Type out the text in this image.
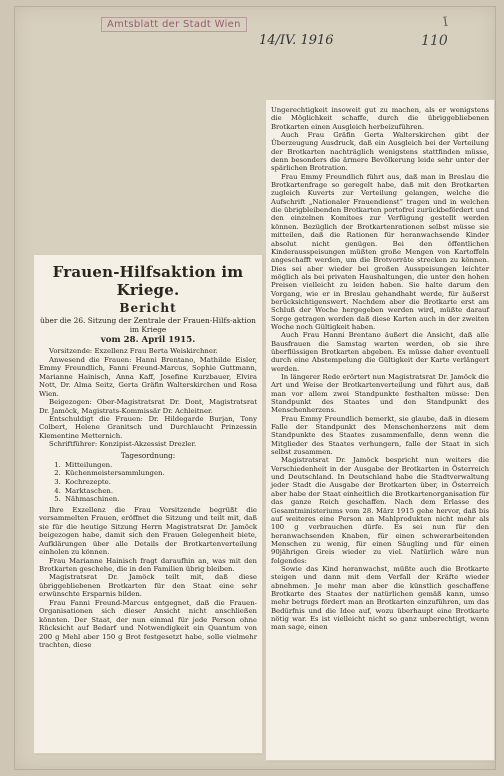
Amtsblatt der Stadt Wien
14/IV. 1916	110
I
Frauen-Hilfsaktion im Kriege.
Bericht
über die 26. Sitzung der Zentrale der Frauen-Hilfs-aktion im Kriege
vom 28. April 1915.

Vorsitzende: Exzellenz Frau Berta Weiskirchner.

Anwesend die Frauen: Hanni Brentano, Mathilde Eisler, Emmy Freundlich, Fanni Freund-Marcus, Sophie Guttmann, Marianne Hainisch, Anna Kaff, Josefine Kurzbauer, Elvira Nott, Dr. Alma Seitz, Gerta Gräfin Walterskirchen und Rosa Wien.

Beigezogen: Ober-Magistratsrat Dr. Dont, Magistratsrat Dr. Jamöck, Magistrats-Kommissär Dr. Achleitner.

Entschuldigt die Frauen: Dr. Hildegarde Burjan, Tony Colbert, Helene Granitsch und Durchlaucht Prinzessin Klementine Metternich.

Schriftführer: Konzipist-Akzessist Drezler.

Tagesordnung:
1. Mitteilungen.
2. Küchenmeistersammlungen.
3. Kochrezepte.
4. Marktaschen.
5. Nähmaschinen.

Ihre Exzellenz die Frau Vorsitzende begrüßt die versammelten Frauen, eröffnet die Sitzung und teilt mit, daß sie für die heutige Sitzung Herrn Magistratsrat Dr. Jamöck beigezogen habe, damit sich den Frauen Gelegenheit biete, Aufklärungen über alle Details der Brotkartenverteilung einholen zu können.

Frau Marianne Hainisch fragt daraufhin an, was mit den Brotkarten geschehe, die in den Familien übrig bleiben.

Magistratsrat Dr. Jamöck teilt mit, daß diese übriggebliebenen Brotkarten für den Staat eine sehr erwünschte Ersparnis bilden.

Frau Fanni Freund-Marcus entgegnet, daß die Frauen-Organisationen sich dieser Ansicht nicht anschließen könnten. Der Staat, der nun einmal für jede Person ohne Rücksicht auf Bedarf und Notwendigkeit ein Quantum von 200 g Mehl aber 150 g Brot festgesetzt habe, solle vielmehr trachten, diese

Ungerechtigkeit insoweit gut zu machen, als er wenigstens die Möglichkeit schaffe, durch die übriggebliebenen Brotkarten einen Ausgleich herbeizuführen.

Auch Frau Gräfin Gerta Walterskirchen gibt der Überzeugung Ausdruck, daß ein Ausgleich bei der Verteilung der Brotkarten nachträglich wenigstens stattfinden müsse, denn besonders die ärmere Bevölkerung leide sehr unter der spärlichen Brotration.

Frau Emmy Freundlich führt aus, daß man in Breslau die Brotkartenfrage so geregelt habe, daß mit den Brotkarten zugleich Kuverts zur Verteilung gelangen, welche die Aufschrift „Nationaler Frauendienst“ tragen und in welchen die übrigbleibenden Brotkarten portofrei zurückbefördert und den einzelnen Komitees zur Verfügung gestellt werden können. Bezüglich der Brotkartenrationen selbst müsse sie mitteilen, daß die Rationen für heranwachsende Kinder absolut nicht genügen. Bei den öffentlichen Kinderausspeisungen müßten große Mengen von Kartoffeln angeschafft werden, um die Brotvorräte strecken zu können. Dies sei aber wieder bei großen Ausspeisungen leichter möglich als bei privaten Haushaltungen, die unter den hohen Preisen vielleicht zu leiden haben. Sie halte darum den Vorgang, wie er in Breslau gehandhabt werde, für äußerst berücksichtigenswert. Nachdem aber die Brotkarte erst am Schluß der Woche hergegeben werden wird, müßte darauf Sorge getragen werden daß diese Karten auch in der zweiten Woche noch Gültigkeit haben.

Auch Frau Hanni Brentano äußert die Ansicht, daß alle Bausfrauen die Samstag warten werden, ob sie ihre überflüssigen Brotkarten abgeben. Es müsse daher eventuell durch eine Abstempelung die Gültigkeit der Karte verlängert werden.

In längerer Rede erörtert nun Magistratsrat Dr. Jamöck die Art und Weise der Brotkartenverteilung und führt aus, daß man vor allem zwei Standpunkte festhalten müsse: Den Standpunkt des Staates und den Standpunkt des Menschenherzens.

Frau Emmy Freundlich bemerkt, sie glaube, daß in diesem Falle der Standpunkt des Menschenherzens mit dem Standpunkte des Staates zusammenfalle, denn wenn die Mitglieder des Staates verhungern, falle der Staat in sich selbst zusammen.

Magistratsrat Dr. Jamöck bespricht nun weiters die Verschiedenheit in der Ausgabe der Brotkarten in Österreich und Deutschland. In Deutschland habe die Stadtverwaltung jeder Stadt die Ausgabe der Brotkarten über, in Österreich aber habe der Staat einheitlich die Brotkartenorganisation für das ganze Reich geschaffen. Nach dem Erlasse des Gesamtministeriums vom 28. März 1915 gehe hervor, daß bis auf weiteres eine Person an Mahlprodukten nicht mehr als 100 g verbrauchen dürfe. Es sei nun für den heranwachsenden Knaben, für einen schwerarbeitenden Menschen zu wenig, für einen Säugling und für einen 90jährigen Greis wieder zu viel. Natürlich wäre nun folgendes:

Sowie das Kind heranwachst, müßte auch die Brotkarte steigen und dann mit dem Verfall der Kräfte wieder abnehmen. Je mehr man aber die künstlich geschaffene Brotkarte des Staates der natürlichen gemäß kann, umso mehr betrugs fördert man an Brotkarten einzuführen, um das Bedürfnis und die Idee auf, wozu überhaupt eine Brotkarte nötig war. Es ist vielleicht nicht so ganz unberechtigt, wenn man sage, einen
